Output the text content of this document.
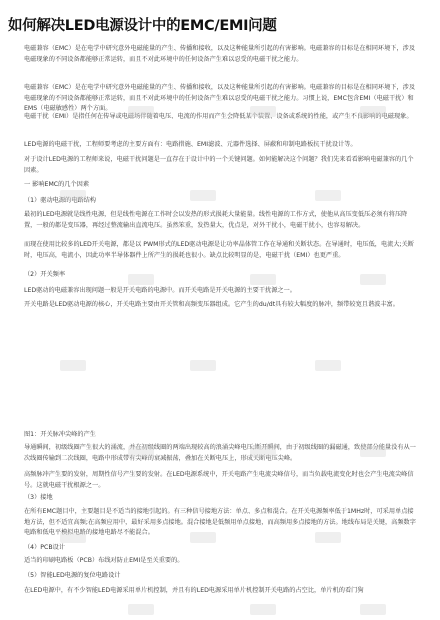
如何解决LED电源设计中的EMC/EMI问题

电磁兼容（EMC）是在电学中研究意外电磁能量的产生、传播和接收，以及这种能量所引起的有害影响。电磁兼容的目标是在相同环境下，涉及电磁现象的不同设备都能够正常运转，而且不对此环境中的任何设备产生难以忍受的电磁干扰之能力。

电磁兼容（EMC）是在电学中研究意外电磁能量的产生、传播和接收，以及这种能量所引起的有害影响。电磁兼容的目标是在相同环境下，涉及电磁现象的不同设备都能够正常运转，而且不对此环境中的任何设备产生难以忍受的电磁干扰之能力。习惯上说，EMC包含EMI（电磁干扰）和EMS（电磁敏感性）两个方面。

电磁干扰（EMI）是指任何在传导或电磁场伴随着电压、电流的作用而产生会降低某个装置、设备或系统的性能，或产生不良影响的电磁现象。

LED电源的电磁干扰，工程师要考虑的主要方面有：电路措施、EMI滤波、元器件选择、屏蔽和印制电路板抗干扰设计等。

对于设计LED电源的工程师来说，电磁干扰问题是一直存在于设计中的一个关键问题。如何能解决这个问题？我们先来看看影响电磁兼容的几个因素。

一 影响EMC的几个因素

（1）驱动电源的电路结构

最初的LED电源就是线性电源，但是线性电源在工作时会以发热的形式损耗大量能量。线性电源的工作方式，使他从高压变低压必须有将压降置，一般的都是变压器，再经过整流输出直流电压。虽然笨重，发热量大，优点是，对外干扰小，电磁干扰小，也容易解决。

而现在使用比较多的LED开关电源，都是以 PWM形式的LED驱动电源是让功率晶体管工作在导通和关断状态。在导通时，电压低，电流大;关断时，电压高，电流小，因此功率半导体器件上所产生的损耗也很小。缺点比较明显的是，电磁干扰（EMI）也更严重。

（2）开关频率

LED驱动的电磁兼容出现问题一般是开关电路的电源中。而开关电路是开关电源的主要干扰源之一。

开关电路是LED驱动电源的核心，开关电路主要由开关管和高频变压器组成。它产生的du/dt具有较大幅度的脉冲，频带较宽且谐波丰富。

图1：开关脉冲尖峰的产生

导通瞬间，初级线圈产生很大的涌流，并在初级线圈的两端出现较高的浪涌尖峰电压;断开瞬间，由于初级线圈的漏磁通，致使部分能量没有从一次线圈传输到二次线圈，电路中形成带有尖峰的衰减振荡，叠加在关断电压上，形成关断电压尖峰。

高频脉冲产生要的发射，周期性信号产生要的发射。在LED电源系统中，开关电路产生电流尖峰信号，而当负载电流变化时也会产生电流尖峰信号。这就电磁干扰根源之一。

（3）接地

在所有EMC题目中，主要题目是不适当的接地引起的。有三种信号接地方法：单点、多点和混合。在开关电源频率低于1MHz时，可采用单点接地方法，但不适宜高频;在高频应用中，最好采用多点接地。混合接地是低频用单点接地，而高频用多点接地的方法。地线布局是关键，高频数字电路和低电平模拟电路的接地电路尽不能混合。

（4）PCB设计

适当的印刷电路板（PCB）布线对防止EMI是至关重要的。

（5）智能LED电源的复位电路设计

在LED电源中，有不少智能LED电源采用单片机控制，并且有的LED电源采用单片机控制开关电路的占空比，单片机的看门狗
